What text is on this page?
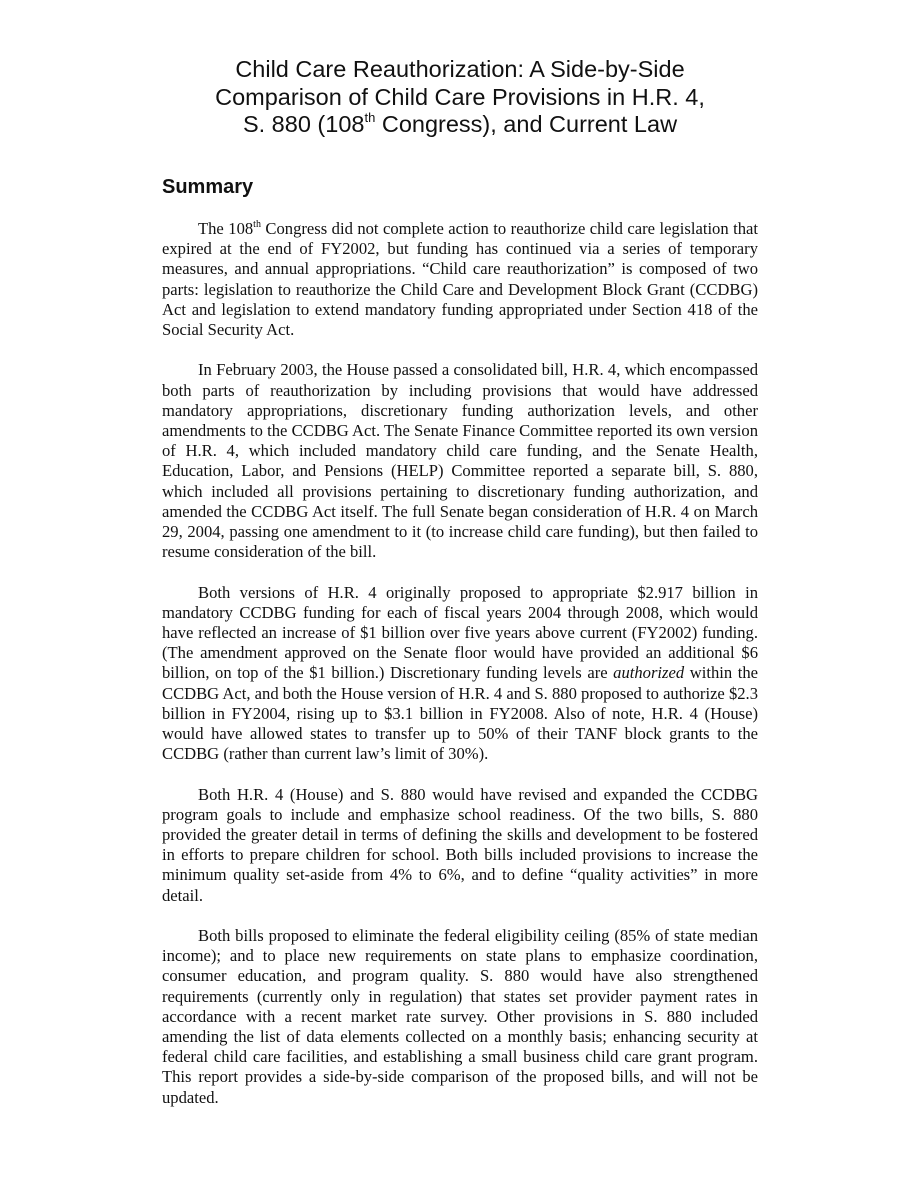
Child Care Reauthorization: A Side-by-Side
Comparison of Child Care Provisions in H.R. 4,
S. 880 (108th Congress), and Current Law
Summary

The 108th Congress did not complete action to reauthorize child care legislation that expired at the end of FY2002, but funding has continued via a series of temporary measures, and annual appropriations. “Child care reauthorization” is composed of two parts: legislation to reauthorize the Child Care and Development Block Grant (CCDBG) Act and legislation to extend mandatory funding appropriated under Section 418 of the Social Security Act.

In February 2003, the House passed a consolidated bill, H.R. 4, which encompassed both parts of reauthorization by including provisions that would have addressed mandatory appropriations, discretionary funding authorization levels, and other amendments to the CCDBG Act. The Senate Finance Committee reported its own version of H.R. 4, which included mandatory child care funding, and the Senate Health, Education, Labor, and Pensions (HELP) Committee reported a separate bill, S. 880, which included all provisions pertaining to discretionary funding authorization, and amended the CCDBG Act itself. The full Senate began consideration of H.R. 4 on March 29, 2004, passing one amendment to it (to increase child care funding), but then failed to resume consideration of the bill.

Both versions of H.R. 4 originally proposed to appropriate $2.917 billion in mandatory CCDBG funding for each of fiscal years 2004 through 2008, which would have reflected an increase of $1 billion over five years above current (FY2002) funding. (The amendment approved on the Senate floor would have provided an additional $6 billion, on top of the $1 billion.) Discretionary funding levels are authorized within the CCDBG Act, and both the House version of H.R. 4 and S. 880 proposed to authorize $2.3 billion in FY2004, rising up to $3.1 billion in FY2008. Also of note, H.R. 4 (House) would have allowed states to transfer up to 50% of their TANF block grants to the CCDBG (rather than current law’s limit of 30%).

Both H.R. 4 (House) and S. 880 would have revised and expanded the CCDBG program goals to include and emphasize school readiness. Of the two bills, S. 880 provided the greater detail in terms of defining the skills and development to be fostered in efforts to prepare children for school. Both bills included provisions to increase the minimum quality set-aside from 4% to 6%, and to define “quality activities” in more detail.

Both bills proposed to eliminate the federal eligibility ceiling (85% of state median income); and to place new requirements on state plans to emphasize coordination, consumer education, and program quality. S. 880 would have also strengthened requirements (currently only in regulation) that states set provider payment rates in accordance with a recent market rate survey. Other provisions in S. 880 included amending the list of data elements collected on a monthly basis; enhancing security at federal child care facilities, and establishing a small business child care grant program. This report provides a side-by-side comparison of the proposed bills, and will not be updated.
